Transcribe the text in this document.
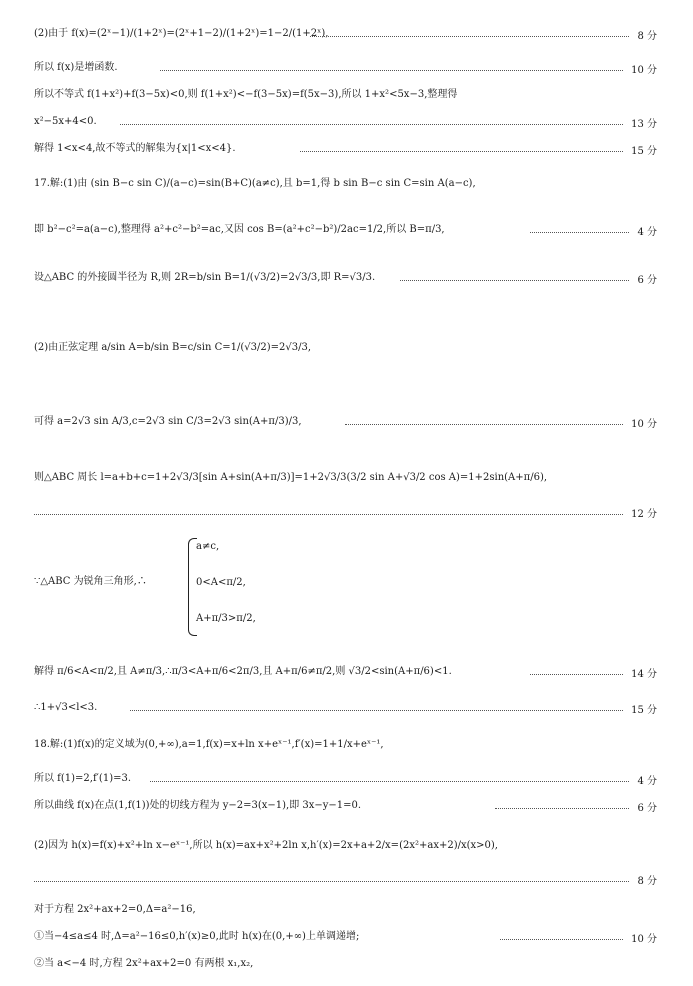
(2)由于 f(x)=(2ˣ−1)/(1+2ˣ)=(2ˣ+1−2)/(1+2ˣ)=1−2/(1+2ˣ),	8 分
所以 f(x)是增函数.	10 分
所以不等式 f(1+x²)+f(3−5x)<0,则 f(1+x²)<−f(3−5x)=f(5x−3),所以 1+x²<5x−3,整理得
x²−5x+4<0.	13 分
解得 1<x<4,故不等式的解集为{x|1<x<4}.	15 分
17.解:(1)由 (sin B−c sin C)/(a−c)=sin(B+C)(a≠c),且 b=1,得 b sin B−c sin C=sin A(a−c),
即 b²−c²=a(a−c),整理得 a²+c²−b²=ac,又因 cos B=(a²+c²−b²)/2ac=1/2,所以 B=π/3,	4 分
设△ABC 的外接圆半径为 R,则 2R=b/sin B=1/(√3/2)=2√3/3,即 R=√3/3.	6 分
(2)由正弦定理 a/sin A=b/sin B=c/sin C=1/(√3/2)=2√3/3,
可得 a=2√3 sin A/3,c=2√3 sin C/3=2√3 sin(A+π/3)/3,	10 分
则△ABC 周长 l=a+b+c=1+2√3/3[sin A+sin(A+π/3)]=1+2√3/3(3/2 sin A+√3/2 cos A)=1+2sin(A+π/6),
12 分
∵△ABC 为锐角三角形,∴
解得 π/6<A<π/2,且 A≠π/3,∴π/3<A+π/6<2π/3,且 A+π/6≠π/2,则 √3/2<sin(A+π/6)<1.	14 分
∴1+√3<l<3.	15 分
18.解:(1)f(x)的定义域为(0,+∞),a=1,f(x)=x+ln x+eˣ⁻¹,f′(x)=1+1/x+eˣ⁻¹,
所以 f(1)=2,f′(1)=3.	4 分
所以曲线 f(x)在点(1,f(1))处的切线方程为 y−2=3(x−1),即 3x−y−1=0.	6 分
(2)因为 h(x)=f(x)+x²+ln x−eˣ⁻¹,所以 h(x)=ax+x²+2ln x,h′(x)=2x+a+2/x=(2x²+ax+2)/x(x>0),
8 分
对于方程 2x²+ax+2=0,Δ=a²−16,
①当−4≤a≤4 时,Δ=a²−16≤0,h′(x)≥0,此时 h(x)在(0,+∞)上单调递增;	10 分
②当 a<−4 时,方程 2x²+ax+2=0 有两根 x₁,x₂,
a≠c,
0<A<π/2,
A+π/3>π/2,
